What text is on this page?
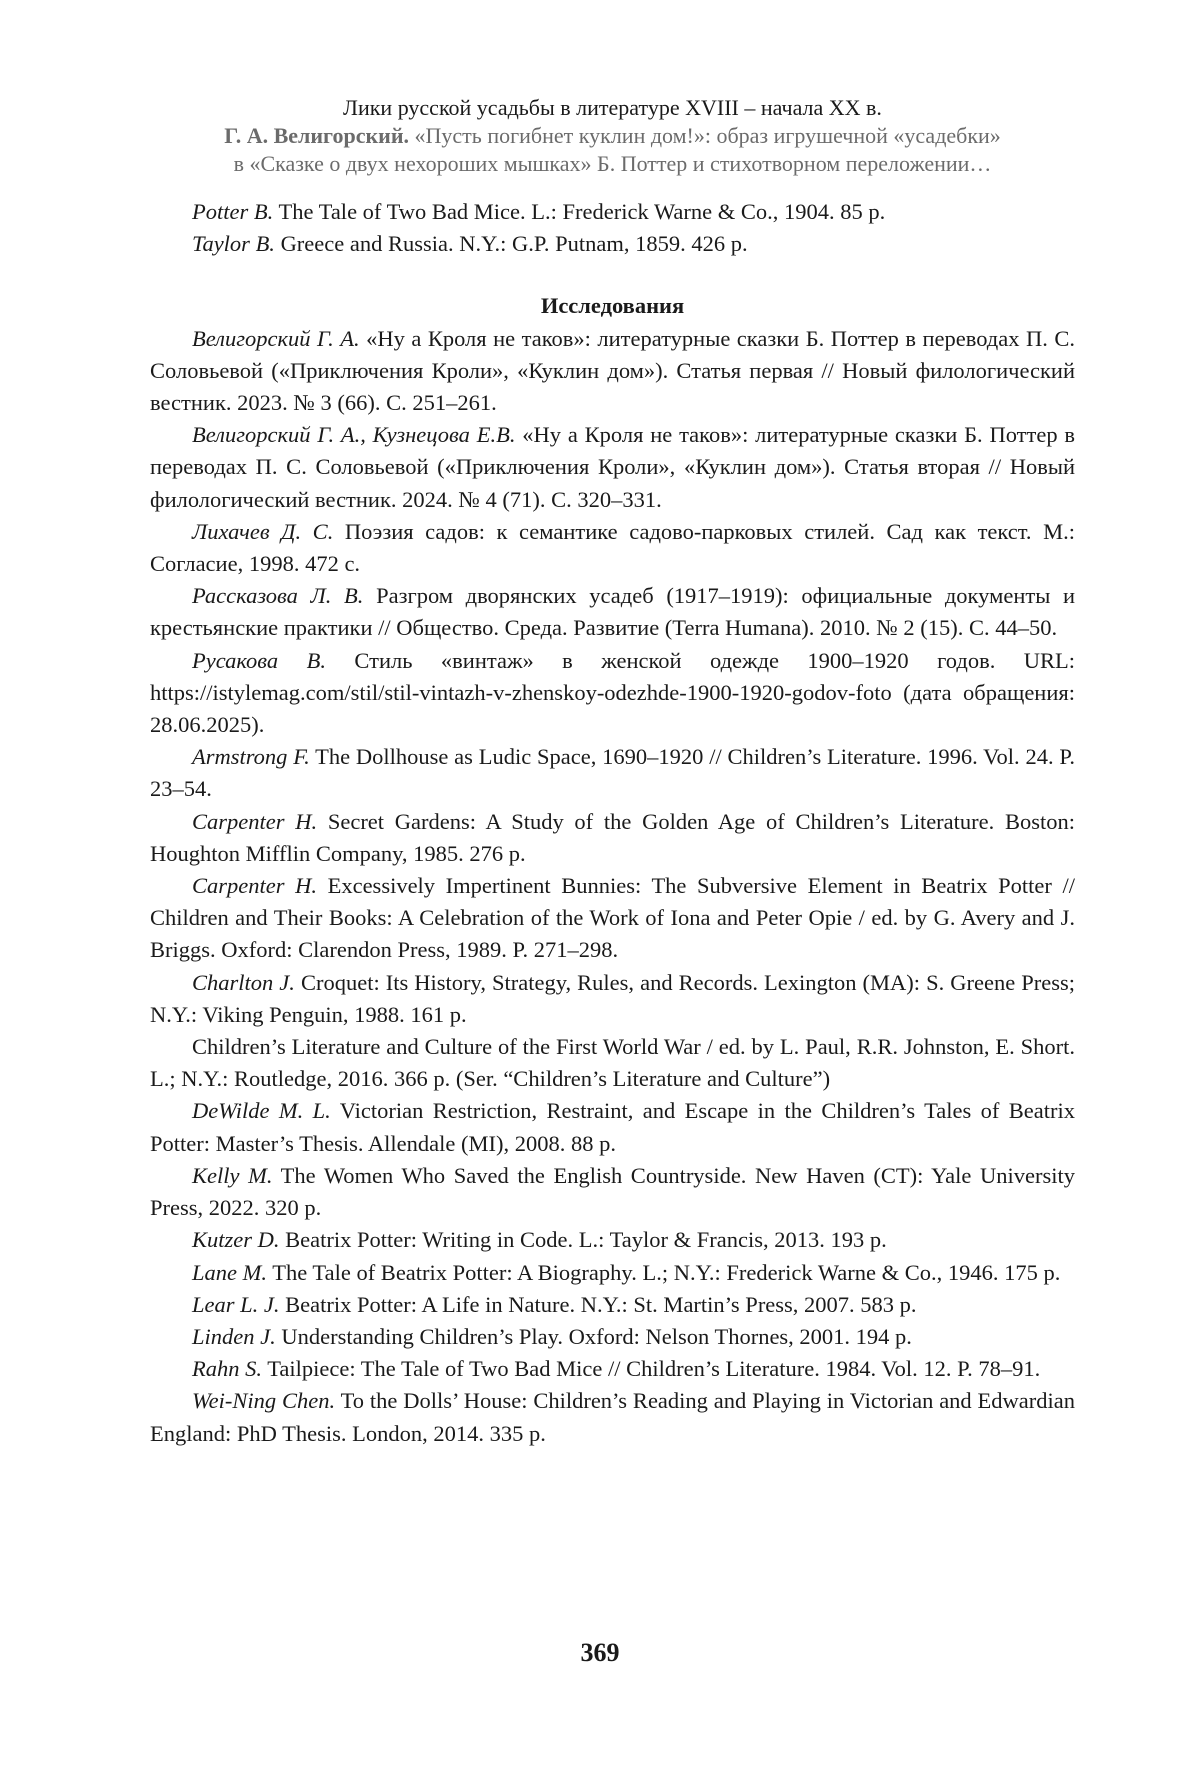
Лики русской усадьбы в литературе XVIII – начала XX в.
Г. А. Велигорский. «Пусть погибнет куклин дом!»: образ игрушечной «усадебки»
в «Сказке о двух нехороших мышках» Б. Поттер и стихотворном переложении…

Potter B. The Tale of Two Bad Mice. L.: Frederick Warne & Co., 1904. 85 p.

Taylor B. Greece and Russia. N.Y.: G.P. Putnam, 1859. 426 p.

Исследования

Велигорский Г. А. «Ну а Кроля не таков»: литературные сказки Б. Поттер в переводах П. С. Соловьевой («Приключения Кроли», «Куклин дом»). Статья первая // Новый филологический вестник. 2023. № 3 (66). С. 251–261.

Велигорский Г. А., Кузнецова Е.В. «Ну а Кроля не таков»: литературные сказки Б. Поттер в переводах П. С. Соловьевой («Приключения Кроли», «Куклин дом»). Статья вторая // Новый филологический вестник. 2024. № 4 (71). С. 320–331.

Лихачев Д. С. Поэзия садов: к семантике садово-парковых стилей. Сад как текст. М.: Согласие, 1998. 472 с.

Рассказова Л. В. Разгром дворянских усадеб (1917–1919): официальные документы и крестьянские практики // Общество. Среда. Развитие (Terra Humana). 2010. № 2 (15). С. 44–50.

Русакова В. Стиль «винтаж» в женской одежде 1900–1920 годов. URL: https://istylemag.com/stil/stil-vintazh-v-zhenskoy-odezhde-1900-1920-godov-foto (дата обращения: 28.06.2025).

Armstrong F. The Dollhouse as Ludic Space, 1690–1920 // Children’s Literature. 1996. Vol. 24. P. 23–54.

Carpenter H. Secret Gardens: A Study of the Golden Age of Children’s Literature. Boston: Houghton Mifflin Company, 1985. 276 p.

Carpenter H. Excessively Impertinent Bunnies: The Subversive Element in Beatrix Potter // Children and Their Books: A Celebration of the Work of Iona and Peter Opie / ed. by G. Avery and J. Briggs. Oxford: Clarendon Press, 1989. P. 271–298.

Charlton J. Croquet: Its History, Strategy, Rules, and Records. Lexington (MA): S. Greene Press; N.Y.: Viking Penguin, 1988. 161 p.

Children’s Literature and Culture of the First World War / ed. by L. Paul, R.R. Johnston, E. Short. L.; N.Y.: Routledge, 2016. 366 p. (Ser. “Children’s Literature and Culture”)

DeWilde M. L. Victorian Restriction, Restraint, and Escape in the Children’s Tales of Beatrix Potter: Master’s Thesis. Allendale (MI), 2008. 88 p.

Kelly M. The Women Who Saved the English Countryside. New Haven (CT): Yale University Press, 2022. 320 p.

Kutzer D. Beatrix Potter: Writing in Code. L.: Taylor & Francis, 2013. 193 p.

Lane M. The Tale of Beatrix Potter: A Biography. L.; N.Y.: Frederick Warne & Co., 1946. 175 p.

Lear L. J. Beatrix Potter: A Life in Nature. N.Y.: St. Martin’s Press, 2007. 583 p.

Linden J. Understanding Children’s Play. Oxford: Nelson Thornes, 2001. 194 p.

Rahn S. Tailpiece: The Tale of Two Bad Mice // Children’s Literature. 1984. Vol. 12. P. 78–91.

Wei-Ning Chen. To the Dolls’ House: Children’s Reading and Playing in Victorian and Edwardian England: PhD Thesis. London, 2014. 335 p.

369
